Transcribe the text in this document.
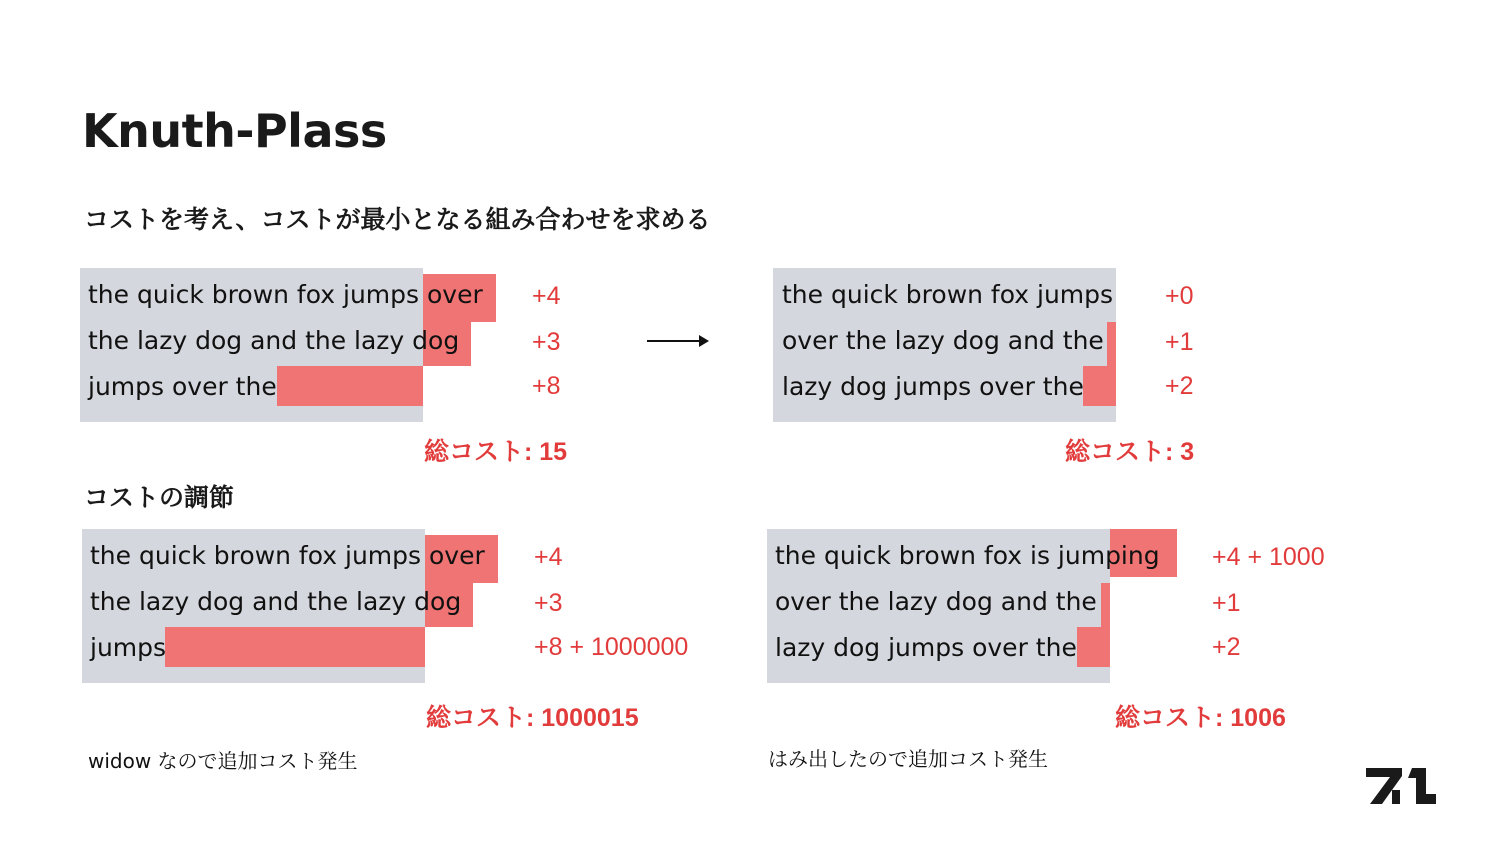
Knuth-Plass
コストを考え、コストが最小となる組み合わせを求める
the quick brown fox jumps over
the lazy dog and the lazy dog
jumps over the
+4
+3
+8
総コスト: 15
the quick brown fox jumps
over the lazy dog and the
lazy dog jumps over the
+0
+1
+2
総コスト: 3
コストの調節
the quick brown fox jumps over
the lazy dog and the lazy dog
jumps
+4
+3
+8 + 1000000
総コスト: 1000015
widow なので追加コスト発生
the quick brown fox is jumping
over the lazy dog and the
lazy dog jumps over the
+4 + 1000
+1
+2
総コスト: 1006
はみ出したので追加コスト発生
